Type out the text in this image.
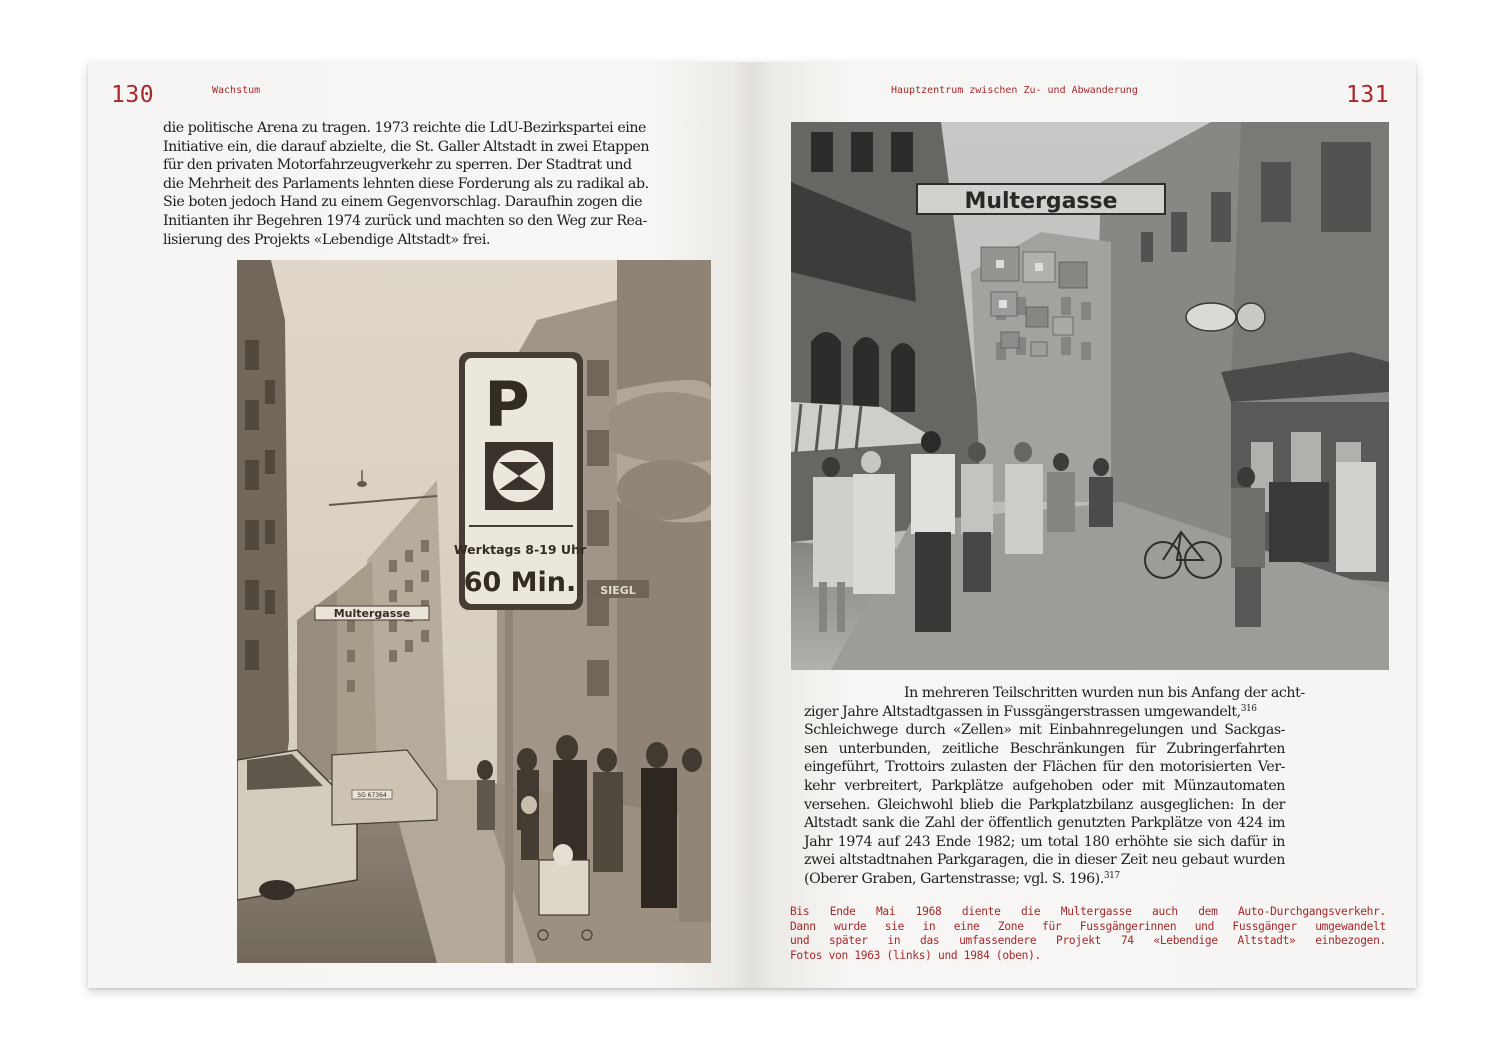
130	Wachstum
die politische Arena zu tragen. 1973 reichte die LdU-Bezirkspartei eine
Initiative ein, die darauf abzielte, die St. Galler Altstadt in zwei Etappen
für den privaten Motorfahrzeugverkehr zu sperren. Der Stadtrat und
die Mehrheit des Parlaments lehnten diese Forderung als zu radikal ab.
Sie boten jedoch Hand zu einem Gegenvorschlag. Daraufhin zogen die
Initianten ihr Begehren 1974 zurück und machten so den Weg zur Rea-
lisierung des Projekts «Lebendige Altstadt» frei.
Multergasse
SIEGL
SG 67364
P
Werktags 8-19 Uhr
60 Min.
Hauptzentrum zwischen Zu- und Abwanderung	131
Multergasse
In mehreren Teilschritten wurden nun bis Anfang der acht-
ziger Jahre Altstadtgassen in Fussgängerstrassen umgewandelt,$^{316}$
Schleichwege durch «Zellen» mit Einbahnregelungen und Sackgas-
sen unterbunden, zeitliche Beschränkungen für Zubringerfahrten
eingeführt, Trottoirs zulasten der Flächen für den motorisierten Ver-
kehr verbreitert, Parkplätze aufgehoben oder mit Münzautomaten
versehen. Gleichwohl blieb die Parkplatzbilanz ausgeglichen: In der
Altstadt sank die Zahl der öffentlich genutzten Parkplätze von 424 im
Jahr 1974 auf 243 Ende 1982; um total 180 erhöhte sie sich dafür in
zwei altstadtnahen Parkgaragen, die in dieser Zeit neu gebaut wurden
(Oberer Graben, Gartenstrasse; vgl. S. 196).$^{317}$
Bis Ende Mai 1968 diente die Multergasse auch dem Auto-Durchgangsverkehr.
Dann wurde sie in eine Zone für Fussgängerinnen und Fussgänger umgewandelt
und später in das umfassendere Projekt 74 «Lebendige Altstadt» einbezogen.
Fotos von 1963 (links) und 1984 (oben).
